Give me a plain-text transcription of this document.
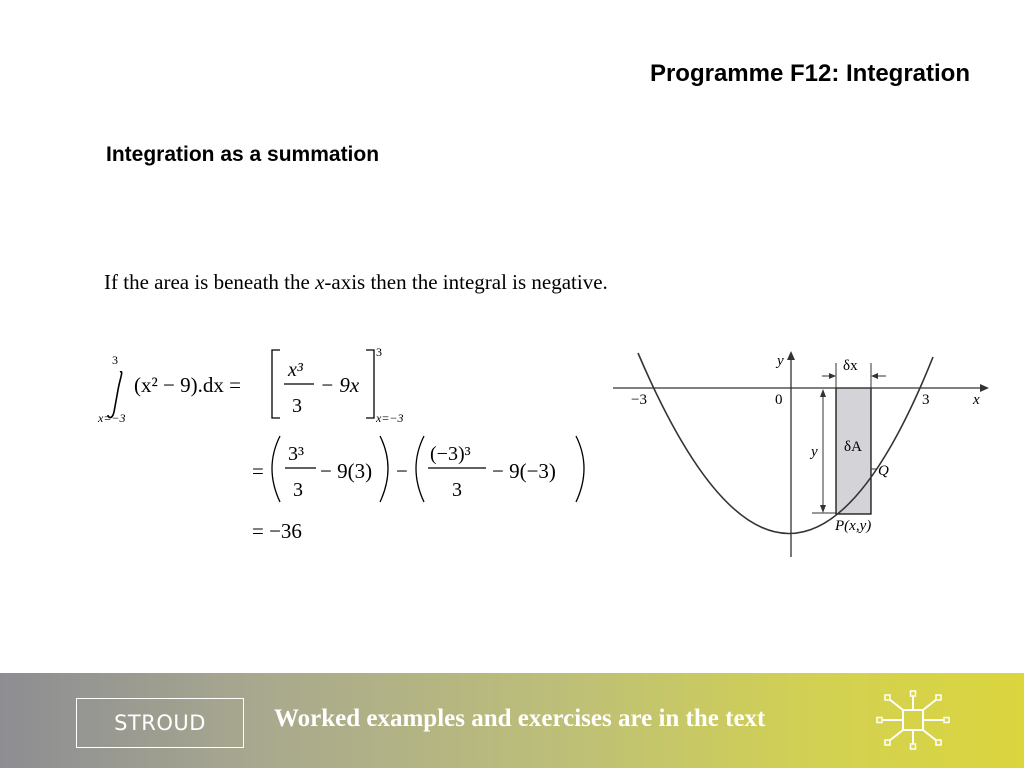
Programme F12: Integration
Integration as a summation
If the area is beneath the x-axis then the integral is negative.
3
x=−3
(x² − 9).dx =
x³
3
− 9x
3
x=−3
=
3³
3
− 9(3) −
(−3)³
3
− 9(−3)
= −36
y
x
−3	0	3
δx
δA
y
Q
P(x,y)
STROUD	Worked examples and exercises are in the text
